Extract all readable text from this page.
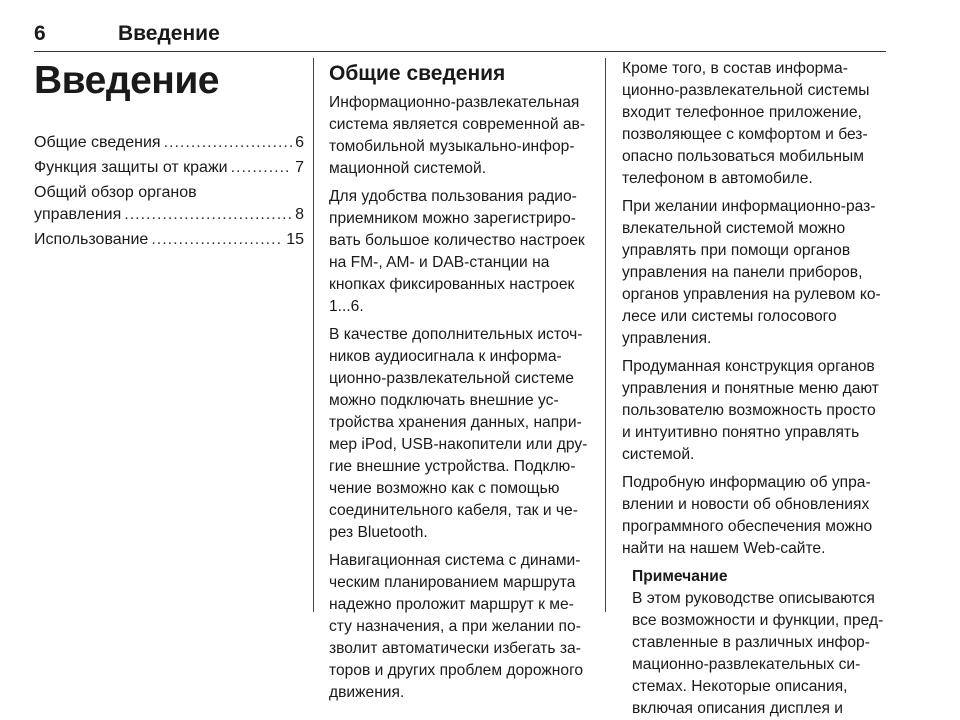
6	Введение
Введение
Общие сведения .....	6
Функция защиты от кражи .....	7
Общий обзор органов
управления .....	8
Использование .....	15
Общие сведения

Информационно-развлекательная система является современной автомобильной музыкально-информационной системой.

Для удобства пользования радиоприемником можно зарегистрировать большое количество настроек на FM-, AM- и DAB-станции на кнопках фиксированных настроек 1...6.

В качестве дополнительных источников аудиосигнала к информационно-развлекательной системе можно подключать внешние устройства хранения данных, например iPod, USB-накопители или другие внешние устройства. Подключение возможно как с помощью соединительного кабеля, так и через Bluetooth.

Навигационная система с динамическим планированием маршрута надежно проложит маршрут к месту назначения, а при желании позволит автоматически избегать заторов и других проблем дорожного движения.

Кроме того, в состав информационно-развлекательной системы входит телефонное приложение, позволяющее с комфортом и безопасно пользоваться мобильным телефоном в автомобиле.

При желании информационно-развлекательной системой можно управлять при помощи органов управления на панели приборов, органов управления на рулевом колесе или системы голосового управления.

Продуманная конструкция органов управления и понятные меню дают пользователю возможность просто и интуитивно понятно управлять системой.

Подробную информацию об управлении и новости об обновлениях программного обеспечения можно найти на нашем Web-сайте.

Примечание
В этом руководстве описываются все возможности и функции, представленные в различных информационно-развлекательных системах. Некоторые описания, включая описания дисплея и
